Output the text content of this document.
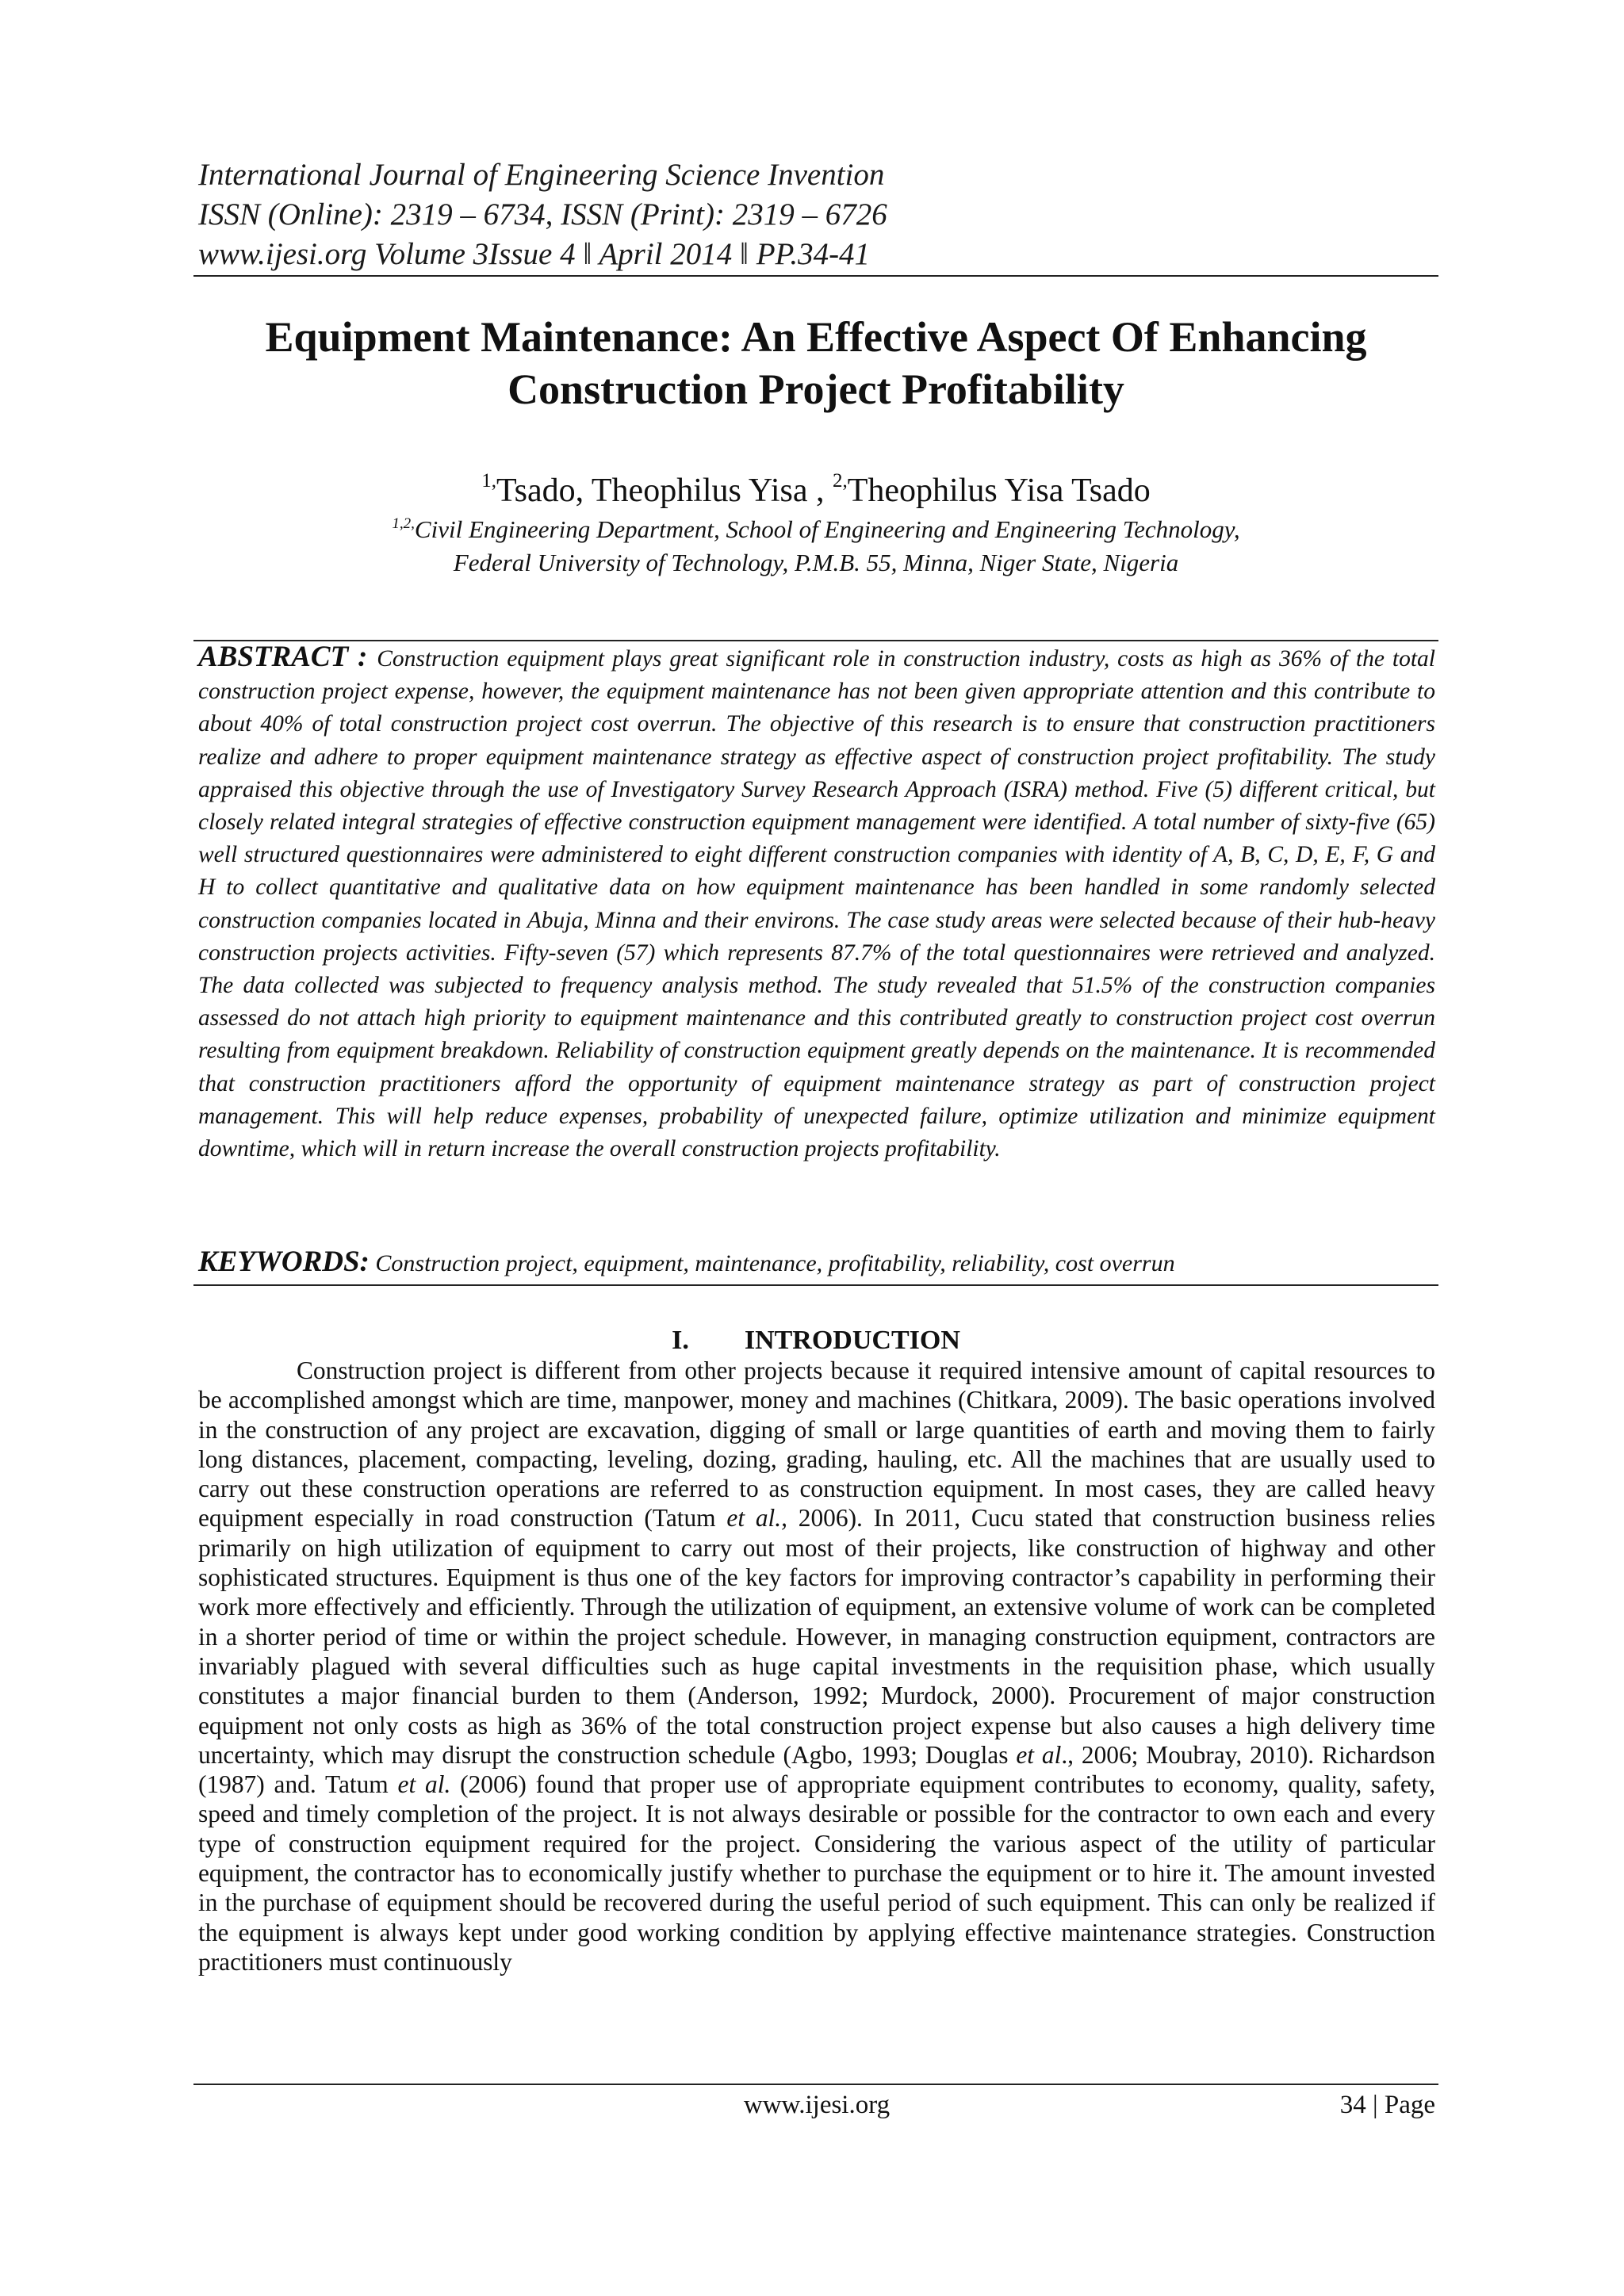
International Journal of Engineering Science Invention
ISSN (Online): 2319 – 6734, ISSN (Print): 2319 – 6726
www.ijesi.org Volume 3Issue 4 ǁ April 2014 ǁ PP.34-41
Equipment Maintenance: An Effective Aspect Of Enhancing
Construction Project Profitability
$^{1,}$Tsado, Theophilus Yisa , $^{2,}$Theophilus Yisa Tsado
$^{1,2,}$Civil Engineering Department, School of Engineering and Engineering Technology,
Federal University of Technology, P.M.B. 55, Minna, Niger State, Nigeria
ABSTRACT : Construction equipment plays great significant role in construction industry, costs as high as 36% of the total construction project expense, however, the equipment maintenance has not been given appropriate attention and this contribute to about 40% of total construction project cost overrun. The objective of this research is to ensure that construction practitioners realize and adhere to proper equipment maintenance strategy as effective aspect of construction project profitability. The study appraised this objective through the use of Investigatory Survey Research Approach (ISRA) method. Five (5) different critical, but closely related integral strategies of effective construction equipment management were identified. A total number of sixty-five (65) well structured questionnaires were administered to eight different construction companies with identity of A, B, C, D, E, F, G and H to collect quantitative and qualitative data on how equipment maintenance has been handled in some randomly selected construction companies located in Abuja, Minna and their environs. The case study areas were selected because of their hub-heavy construction projects activities. Fifty-seven (57) which represents 87.7% of the total questionnaires were retrieved and analyzed. The data collected was subjected to frequency analysis method. The study revealed that 51.5% of the construction companies assessed do not attach high priority to equipment maintenance and this contributed greatly to construction project cost overrun resulting from equipment breakdown. Reliability of construction equipment greatly depends on the maintenance. It is recommended that construction practitioners afford the opportunity of equipment maintenance strategy as part of construction project management. This will help reduce expenses, probability of unexpected failure, optimize utilization and minimize equipment downtime, which will in return increase the overall construction projects profitability.
KEYWORDS: Construction project, equipment, maintenance, profitability, reliability, cost overrun
I. INTRODUCTION
Construction project is different from other projects because it required intensive amount of capital resources to be accomplished amongst which are time, manpower, money and machines (Chitkara, 2009). The basic operations involved in the construction of any project are excavation, digging of small or large quantities of earth and moving them to fairly long distances, placement, compacting, leveling, dozing, grading, hauling, etc. All the machines that are usually used to carry out these construction operations are referred to as construction equipment. In most cases, they are called heavy equipment especially in road construction (Tatum et al., 2006). In 2011, Cucu stated that construction business relies primarily on high utilization of equipment to carry out most of their projects, like construction of highway and other sophisticated structures. Equipment is thus one of the key factors for improving contractor’s capability in performing their work more effectively and efficiently. Through the utilization of equipment, an extensive volume of work can be completed in a shorter period of time or within the project schedule. However, in managing construction equipment, contractors are invariably plagued with several difficulties such as huge capital investments in the requisition phase, which usually constitutes a major financial burden to them (Anderson, 1992; Murdock, 2000). Procurement of major construction equipment not only costs as high as 36% of the total construction project expense but also causes a high delivery time uncertainty, which may disrupt the construction schedule (Agbo, 1993; Douglas et al., 2006; Moubray, 2010). Richardson (1987) and. Tatum et al. (2006) found that proper use of appropriate equipment contributes to economy, quality, safety, speed and timely completion of the project. It is not always desirable or possible for the contractor to own each and every type of construction equipment required for the project. Considering the various aspect of the utility of particular equipment, the contractor has to economically justify whether to purchase the equipment or to hire it. The amount invested in the purchase of equipment should be recovered during the useful period of such equipment. This can only be realized if the equipment is always kept under good working condition by applying effective maintenance strategies. Construction practitioners must continuously
www.ijesi.org	34 | Page
